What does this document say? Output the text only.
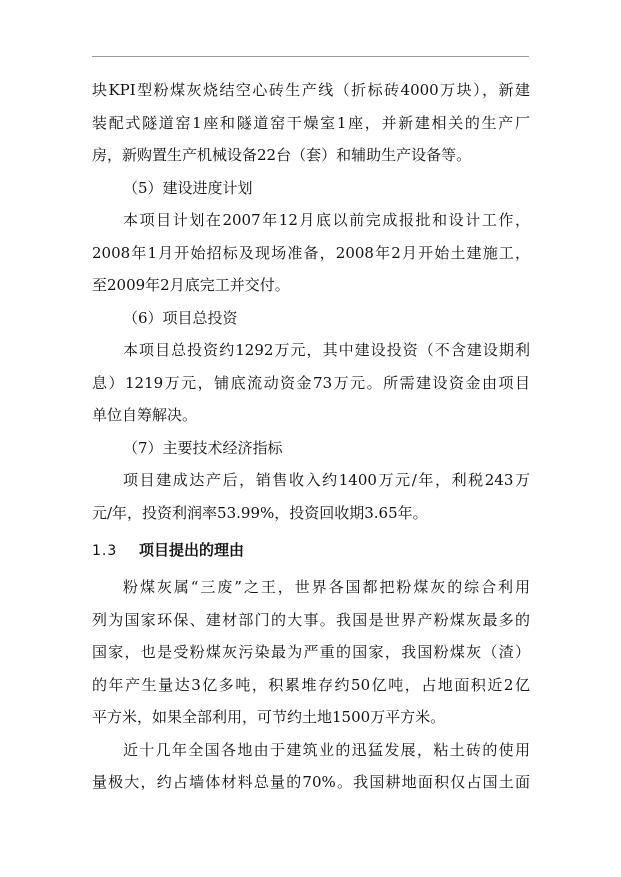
块KPI型粉煤灰烧结空心砖生产线（折标砖4000万块），新建
装配式隧道窑1座和隧道窑干燥室1座，并新建相关的生产厂
房，新购置生产机械设备22台（套）和辅助生产设备等。
（5）建设进度计划
本项目计划在2007年12月底以前完成报批和设计工作，
2008年1月开始招标及现场准备，2008年2月开始土建施工，
至2009年2月底完工并交付。
（6）项目总投资
本项目总投资约1292万元，其中建设投资（不含建设期利
息）1219万元，铺底流动资金73万元。所需建设资金由项目
单位自筹解决。
（7）主要技术经济指标
项目建成达产后，销售收入约1400万元/年，利税243万
元/年，投资利润率53.99%，投资回收期3.65年。
1.3 项目提出的理由
粉煤灰属“三废”之王，世界各国都把粉煤灰的综合利用
列为国家环保、建材部门的大事。我国是世界产粉煤灰最多的
国家，也是受粉煤灰污染最为严重的国家，我国粉煤灰（渣）
的年产生量达3亿多吨，积累堆存约50亿吨，占地面积近2亿
平方米，如果全部利用，可节约土地1500万平方米。
近十几年全国各地由于建筑业的迅猛发展，粘土砖的使用
量极大，约占墙体材料总量的70%。我国耕地面积仅占国土面
